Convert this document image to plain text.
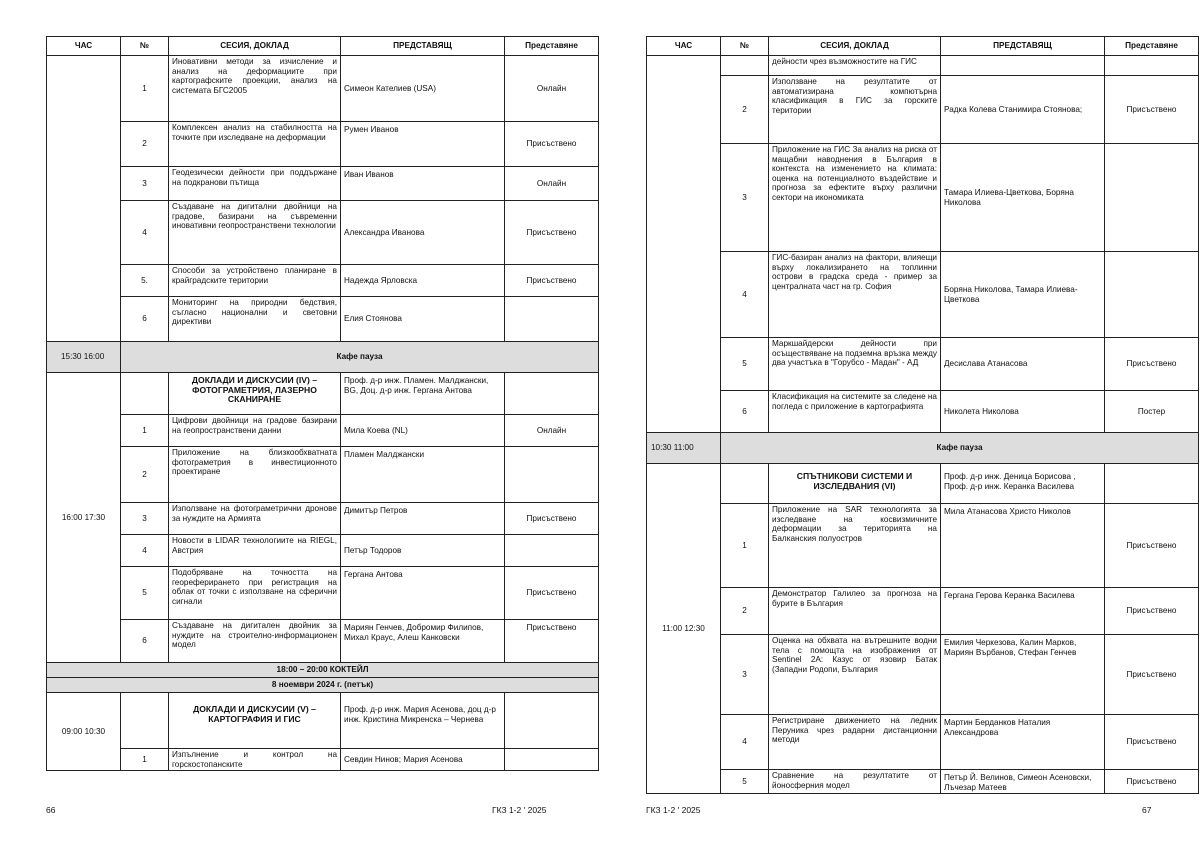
ЧАС	№	СЕСИЯ, ДОКЛАД	ПРЕДСТАВЯЩ	Представяне
	1	Иновативни методи за изчисление и анализ на деформациите при картографските проекции, анализ на системата БГС2005	Симеон Кателиев (USA)	Онлайн
	2	Комплексен анализ на стабилността на точките при изследване на деформации	Румен Иванов	Присъствено
	3	Геодезически дейности при поддържане на подкранови пътища	Иван Иванов	Онлайн
	4	Създаване на дигитални двойници на градове, базирани на съвременни иновативни геопространствени технологии	Александра Иванова	Присъствено
	5.	Способи за устройствено планиране в крайградските територии	Надежда Ярловска	Присъствено
	6	Мониторинг на природни бедствия, съгласно национални и световни директиви	Елия Стоянова	
15:30 16:00	Кафе пауза			
16:00 17:30		ДОКЛАДИ И ДИСКУСИИ (IV) – ФОТОГРАМЕТРИЯ, ЛАЗЕРНО СКАНИРАНЕ	Проф. д-р инж. Пламен. Малджански, BG, Доц. д-р инж. Гергана Антова	
	1	Цифрови двойници на градове базирани на геопространствени данни	Мила Коева (NL)	Онлайн
	2	Приложение на близкообхватната фотограметрия в инвестиционното проектиране	Пламен Малджански	
	3	Използване на фотограметрични дронове за нуждите на Армията	Димитър Петров	Присъствено
	4	Новости в LIDAR технологиите на RIEGL, Австрия	Петър Тодоров	
	5	Подобряване на точността на геореферирането при регистрация на облак от точки с използване на сферични сигнали	Гергана Антова	Присъствено
	6	Създаване на дигитален двойник за нуждите на строително-информационен модел	Мариян Генчев, Добромир Филипов, Михал Краус, Алеш Канковски	Присъствено
18:00 – 20:00 КОКТЕЙЛ				
8 ноември 2024 г. (петък)				
09:00 10:30		ДОКЛАДИ И ДИСКУСИИ (V) – КАРТОГРАФИЯ И ГИС	Проф. д-р инж. Мария Асенова, доц д-р инж. Кристина Микренска – Чернева	
	1	Изпълнение и контрол на горскостопанските	Севдин Нинов; Мария Асенова	
66	ГКЗ 1-2 ' 2025
ЧАС	№	СЕСИЯ, ДОКЛАД	ПРЕДСТАВЯЩ	Представяне
		дейности чрез възможностите на ГИС		
	2	Използване на резултатите от автоматизирана компютърна класификация в ГИС за горските територии	Радка Колева Станимира Стоянова;	Присъствено
	3	Приложение на ГИС За анализ на риска от мащабни наводнения в България в контекста на изменението на климата: оценка на потенциалното въздействие и прогноза за ефектите върху различни сектори на икономиката	Тамара Илиева-Цветкова, Боряна Николова	
	4	ГИС-базиран анализ на фактори, влияещи върху локализирането на топлинни острови в градска среда - пример за централната част на гр. София	Боряна Николова, Тамара Илиева-Цветкова	
	5	Маркшайдерски дейности при осъществяване на подземна връзка между два участъка в "Горубсо - Мадан" - АД	Десислава Атанасова	Присъствено
	6	Класификация на системите за следене на погледа с приложение в картографията	Николета Николова	Постер
10:30 11:00	Кафе пауза			
11:00 12:30		СПЪТНИКОВИ СИСТЕМИ И ИЗСЛЕДВАНИЯ (VI)	Проф. д-р инж. Деница Борисова , Проф. д-р инж. Керанка Василева	
	1	Приложение на SAR технологията за изследване на косвизмичните деформации за територията на Балканския полуостров	Мила Атанасова Христо Николов	Присъствено
	2	Демонстратор Галилео за прогноза на бурите в България	Гергана Герова Керанка Василева	Присъствено
	3	Оценка на обхвата на вътрешните водни тела с помощта на изображения от Sentinel 2A: Казус от язовир Батак (Западни Родопи, България	Емилия Черкезова, Калин Марков, Мариян Върбанов, Стефан Генчев	Присъствено
	4	Регистриране движението на ледник Перуника чрез радарни дистанционни методи	Мартин Берданков Наталия Александрова	Присъствено
	5	Сравнение на резултатите от йоносферния модел	Петър Й. Велинов, Симеон Асеновски, Лъчезар Матеев	Присъствено
ГКЗ 1-2 ' 2025	67
